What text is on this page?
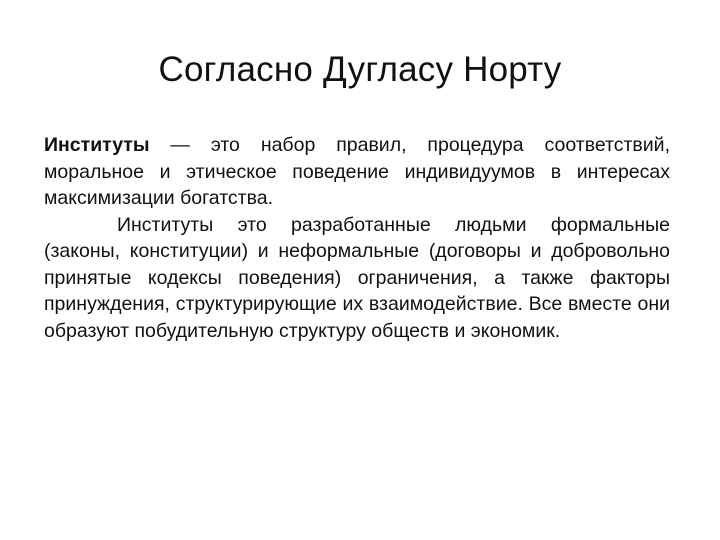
Согласно Дугласу Норту

Институты — это набор правил, процедура соответствий, моральное и этическое поведение индивидуумов в интересах максимизации богатства.

Институты это разработанные людьми формальные (законы, конституции) и неформальные (договоры и добровольно принятые кодексы поведения) ограничения, а также факторы принуждения, структурирующие их взаимодействие. Все вместе они образуют побудительную структуру обществ и экономик.
